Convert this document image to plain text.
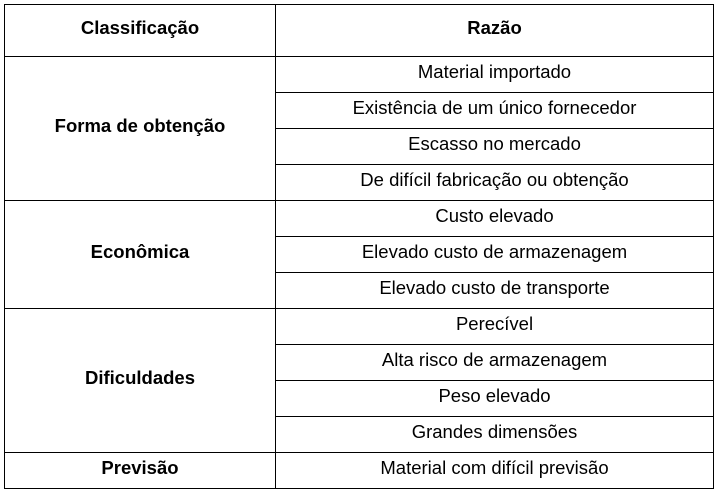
Classificação	Razão
Forma de obtenção	Material importado
	Existência de um único fornecedor
	Escasso no mercado
	De difícil fabricação ou obtenção
Econômica	Custo elevado
	Elevado custo de armazenagem
	Elevado custo de transporte
Dificuldades	Perecível
	Alta risco de armazenagem
	Peso elevado
	Grandes dimensões
Previsão	Material com difícil previsão
